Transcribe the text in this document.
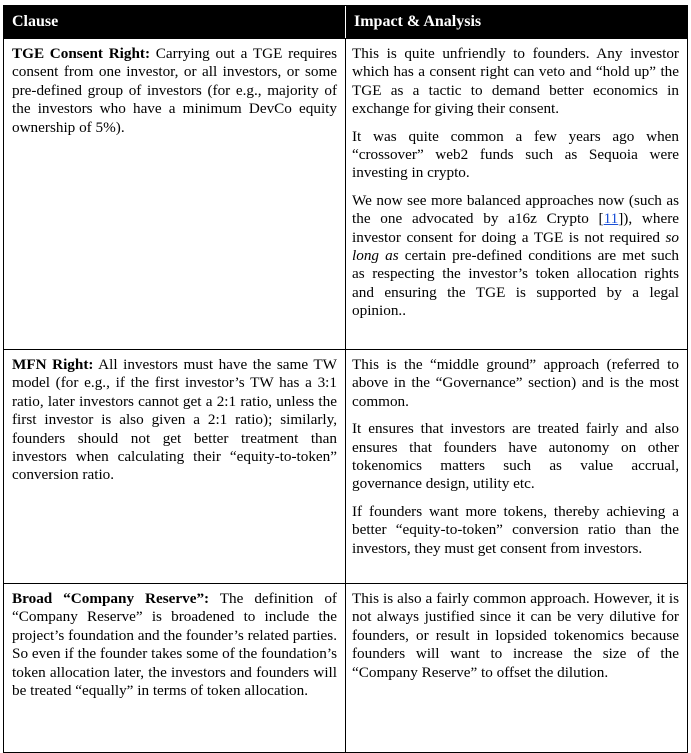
Clause	Impact & Analysis

TGE Consent Right: Carrying out a TGE requires consent from one investor, or all investors, or some pre-defined group of investors (for e.g., majority of the investors who have a minimum DevCo equity ownership of 5%).

This is quite unfriendly to founders. Any investor which has a consent right can veto and “hold up” the TGE as a tactic to demand better economics in exchange for giving their consent.

It was quite common a few years ago when “crossover” web2 funds such as Sequoia were investing in crypto.

We now see more balanced approaches now (such as the one advocated by a16z Crypto [11]), where investor consent for doing a TGE is not required so long as certain pre-defined conditions are met such as respecting the investor’s token allocation rights and ensuring the TGE is supported by a legal opinion..

MFN Right: All investors must have the same TW model (for e.g., if the first investor’s TW has a 3:1 ratio, later investors cannot get a 2:1 ratio, unless the first investor is also given a 2:1 ratio); similarly, founders should not get better treatment than investors when calculating their “equity-to-token” conversion ratio.

This is the “middle ground” approach (referred to above in the “Governance” section) and is the most common.

It ensures that investors are treated fairly and also ensures that founders have autonomy on other tokenomics matters such as value accrual, governance design, utility etc.

If founders want more tokens, thereby achieving a better “equity-to-token” conversion ratio than the investors, they must get consent from investors.

Broad “Company Reserve”: The definition of “Company Reserve” is broadened to include the project’s foundation and the founder’s related parties. So even if the founder takes some of the foundation’s token allocation later, the investors and founders will be treated “equally” in terms of token allocation.

This is also a fairly common approach. However, it is not always justified since it can be very dilutive for founders, or result in lopsided tokenomics because founders will want to increase the size of the “Company Reserve” to offset the dilution.
